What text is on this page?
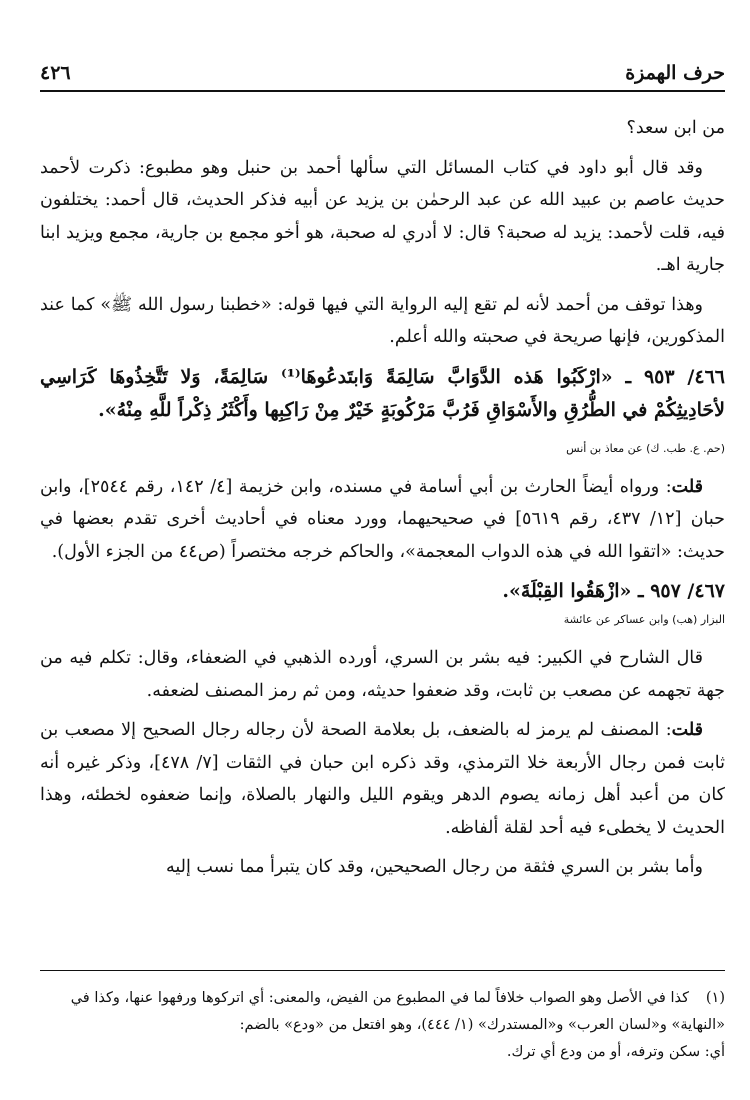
حرف الهمزة
٤٢٦

من ابن سعد؟

وقد قال أبو داود في كتاب المسائل التي سألها أحمد بن حنبل وهو مطبوع: ذكرت لأحمد حديث عاصم بن عبيد الله عن عبد الرحمٰن بن يزيد عن أبيه فذكر الحديث، قال أحمد: يختلفون فيه، قلت لأحمد: يزيد له صحبة؟ قال: لا أدري له صحبة، هو أخو مجمع بن جارية، مجمع ويزيد ابنا جارية اهـ.

وهذا توقف من أحمد لأنه لم تقع إليه الرواية التي فيها قوله: «خطبنا رسول الله ﷺ» كما عند المذكورين، فإنها صريحة في صحبته والله أعلم.

٤٦٦/ ٩٥٣ ـ «ارْكَبُوا هَذه الدَّوَابَّ سَالِمَةً وَابتَدعُوهَا⁽¹⁾ سَالِمَةً، وَلا تَتَّخِذُوهَا كَرَاسِي لأحَادِيثِكُمْ في الطُّرُقِ والأَسْوَاقِ فَرُبَّ مَرْكُوبَةٍ خَيْرٌ مِنْ رَاكِبِها وأَكْثَرُ ذِكْراً للَّهِ مِنْهُ».

(حم. ع. طب. ك) عن معاذ بن أنس

قلت: ورواه أيضاً الحارث بن أبي أسامة في مسنده، وابن خزيمة [٤/ ١٤٢، رقم ٢٥٤٤]، وابن حبان [١٢/ ٤٣٧، رقم ٥٦١٩] في صحيحيهما، وورد معناه في أحاديث أخرى تقدم بعضها في حديث: «اتقوا الله في هذه الدواب المعجمة»، والحاكم خرجه مختصراً (ص٤٤ من الجزء الأول).

٤٦٧/ ٩٥٧ ـ «ازْهَقُوا القِبْلَةَ».

البزار (هب) وابن عساكر عن عائشة

قال الشارح في الكبير: فيه بشر بن السري، أورده الذهبي في الضعفاء، وقال: تكلم فيه من جهة تجهمه عن مصعب بن ثابت، وقد ضعفوا حديثه، ومن ثم رمز المصنف لضعفه.

قلت: المصنف لم يرمز له بالضعف، بل بعلامة الصحة لأن رجاله رجال الصحيح إلا مصعب بن ثابت فمن رجال الأربعة خلا الترمذي، وقد ذكره ابن حبان في الثقات [٧/ ٤٧٨]، وذكر غيره أنه كان من أعبد أهل زمانه يصوم الدهر ويقوم الليل والنهار بالصلاة، وإنما ضعفوه لخطئه، وهذا الحديث لا يخطىء فيه أحد لقلة ألفاظه.

وأما بشر بن السري فثقة من رجال الصحيحين، وقد كان يتبرأ مما نسب إليه

(١)كذا في الأصل وهو الصواب خلافاً لما في المطبوع من الفيض، والمعنى: أي اتركوها ورفهوا عنها، وكذا في «النهاية» و«لسان العرب» و«المستدرك» (١/ ٤٤٤)، وهو افتعل من «ودع» بالضم:
أي: سكن وترفه، أو من ودع أي ترك.
